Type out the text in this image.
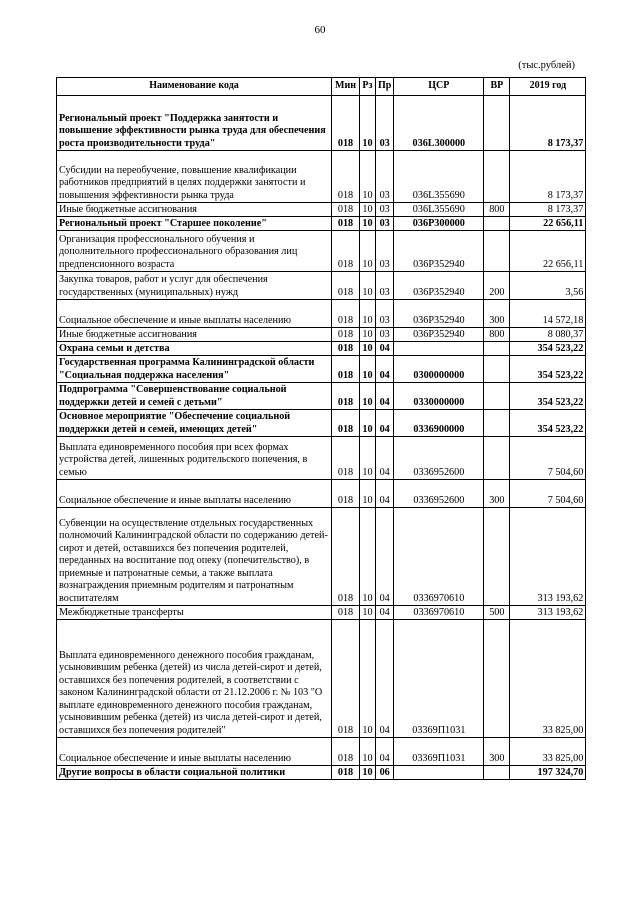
60
(тыс.рублей)
Наименование кода	Мин	Рз	Пр	ЦСР	ВР	2019 год
Региональный проект "Поддержка занятости и повышение эффективности рынка труда для обеспечения роста производительности труда"	018	10	03	036L300000		8 173,37
Субсидии на переобучение, повышение квалификации работников предприятий в целях поддержки занятости и повышения эффективности рынка труда	018	10	03	036L355690		8 173,37
Иные бюджетные ассигнования	018	10	03	036L355690	800	8 173,37
Региональный проект "Старшее поколение"	018	10	03	036P300000		22 656,11
Организация профессионального обучения и дополнительного профессионального образования лиц предпенсионного возраста	018	10	03	036P352940		22 656,11
Закупка товаров, работ и услуг для обеспечения государственных (муниципальных) нужд	018	10	03	036P352940	200	3,56
Социальное обеспечение и иные выплаты населению	018	10	03	036P352940	300	14 572,18
Иные бюджетные ассигнования	018	10	03	036P352940	800	8 080,37
Охрана семьи и детства	018	10	04			354 523,22
Государственная программа Калининградской области "Социальная поддержка населения"	018	10	04	0300000000		354 523,22
Подпрограмма "Совершенствование социальной поддержки детей и семей с детьми"	018	10	04	0330000000		354 523,22
Основное мероприятие "Обеспечение социальной поддержки детей и семей, имеющих детей"	018	10	04	0336900000		354 523,22
Выплата единовременного пособия при всех формах устройства детей, лишенных родительского попечения, в семью	018	10	04	0336952600		7 504,60
Социальное обеспечение и иные выплаты населению	018	10	04	0336952600	300	7 504,60
Субвенции на осуществление отдельных государственных полномочий Калининградской области по содержанию детей-сирот и детей, оставшихся без попечения родителей, переданных на воспитание под опеку (попечительство), в приемные и патронатные семьи, а также выплата вознаграждения приемным родителям и патронатным воспитателям	018	10	04	0336970610		313 193,62
Межбюджетные трансферты	018	10	04	0336970610	500	313 193,62
Выплата единовременного денежного пособия гражданам, усыновившим ребенка (детей) из числа детей-сирот и детей, оставшихся без попечения родителей, в соответствии с законом Калининградской области от 21.12.2006 г. № 103 "О выплате единовременного денежного пособия гражданам, усыновившим ребенка (детей) из числа детей-сирот и детей, оставшихся без попечения родителей"	018	10	04	03369П1031		33 825,00
Социальное обеспечение и иные выплаты населению	018	10	04	03369П1031	300	33 825,00
Другие вопросы в области социальной политики	018	10	06			197 324,70
